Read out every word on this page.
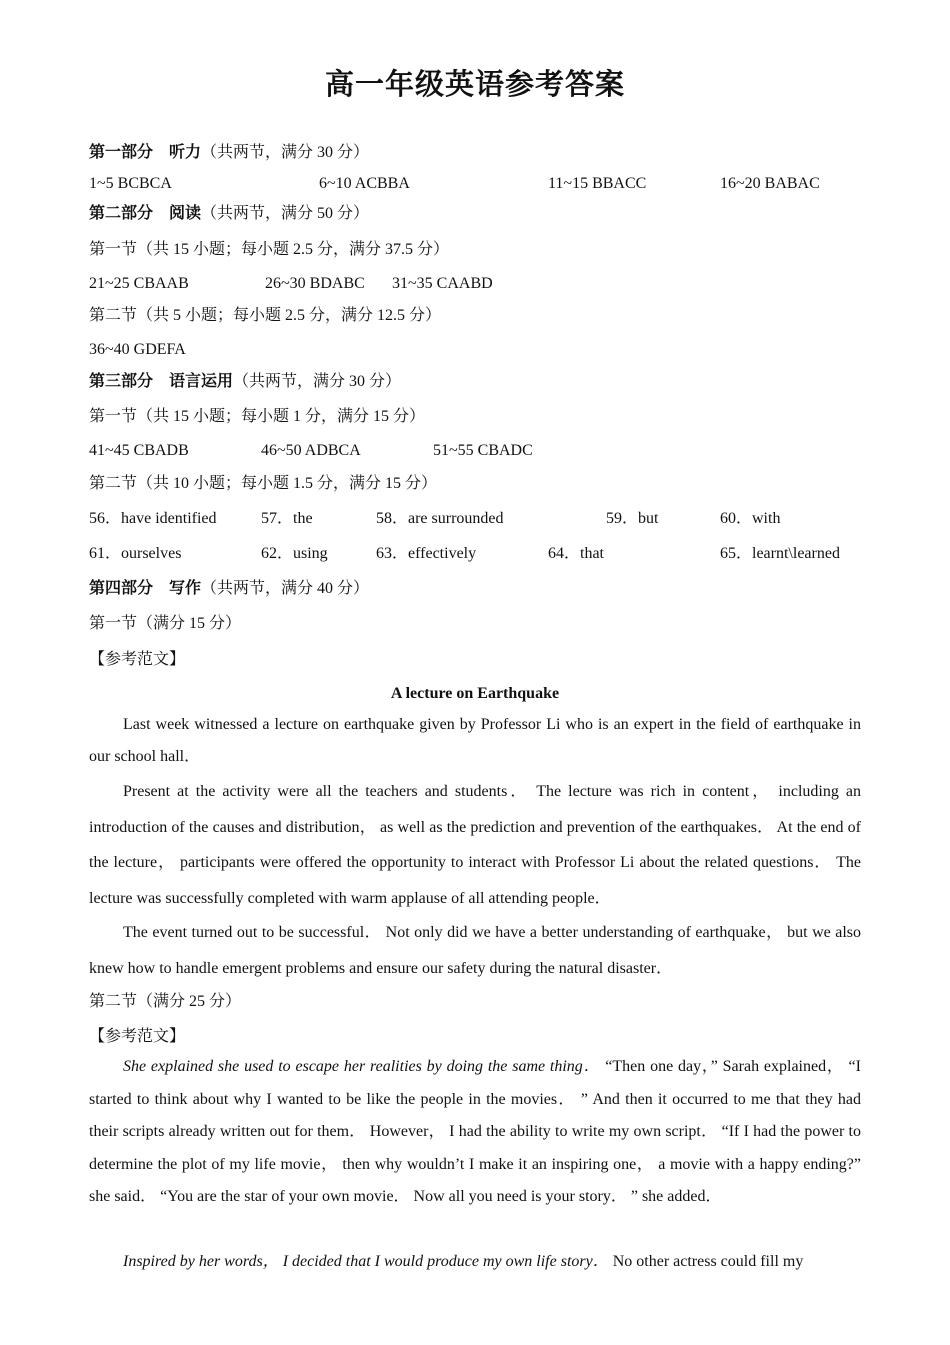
高一年级英语参考答案
第一部分 听力（共两节，满分 30 分）
1~5 BCBCA	6~10 ACBBA	11~15 BBACC	16~20 BABAC
第二部分 阅读（共两节，满分 50 分）
第一节（共 15 小题；每小题 2.5 分，满分 37.5 分）
21~25 CBAAB	26~30 BDABC 31~35 CAABD
第二节（共 5 小题；每小题 2.5 分，满分 12.5 分）
36~40 GDEFA
第三部分 语言运用（共两节，满分 30 分）
第一节（共 15 小题；每小题 1 分，满分 15 分）
41~45 CBADB	46~50 ADBCA	51~55 CBADC
第二节（共 10 小题；每小题 1.5 分，满分 15 分）
56．have identified	57．the	58．are surrounded	59．but	60．with
61．ourselves	62．using	63．effectively	64．that	65．learnt\learned
第四部分 写作（共两节，满分 40 分）
第一节（满分 15 分）
【参考范文】
A lecture on Earthquake

Last week witnessed a lecture on earthquake given by Professor Li who is an expert in the field of earthquake in our school hall．

Present at the activity were all the teachers and students． The lecture was rich in content， including an introduction of the causes and distribution， as well as the prediction and prevention of the earthquakes． At the end of the lecture， participants were offered the opportunity to interact with Professor Li about the related questions． The lecture was successfully completed with warm applause of all attending people．

The event turned out to be successful． Not only did we have a better understanding of earthquake， but we also knew how to handle emergent problems and ensure our safety during the natural disaster．

第二节（满分 25 分）
【参考范文】

She explained she used to escape her realities by doing the same thing． “Then one day，” Sarah explained， “I started to think about why I wanted to be like the people in the movies． ” And then it occurred to me that they had their scripts already written out for them． However， I had the ability to write my own script． “If I had the power to determine the plot of my life movie， then why wouldn’t I make it an inspiring one， a movie with a happy ending?” she said． “You are the star of your own movie． Now all you need is your story． ” she added．

Inspired by her words， I decided that I would produce my own life story． No other actress could fill my
